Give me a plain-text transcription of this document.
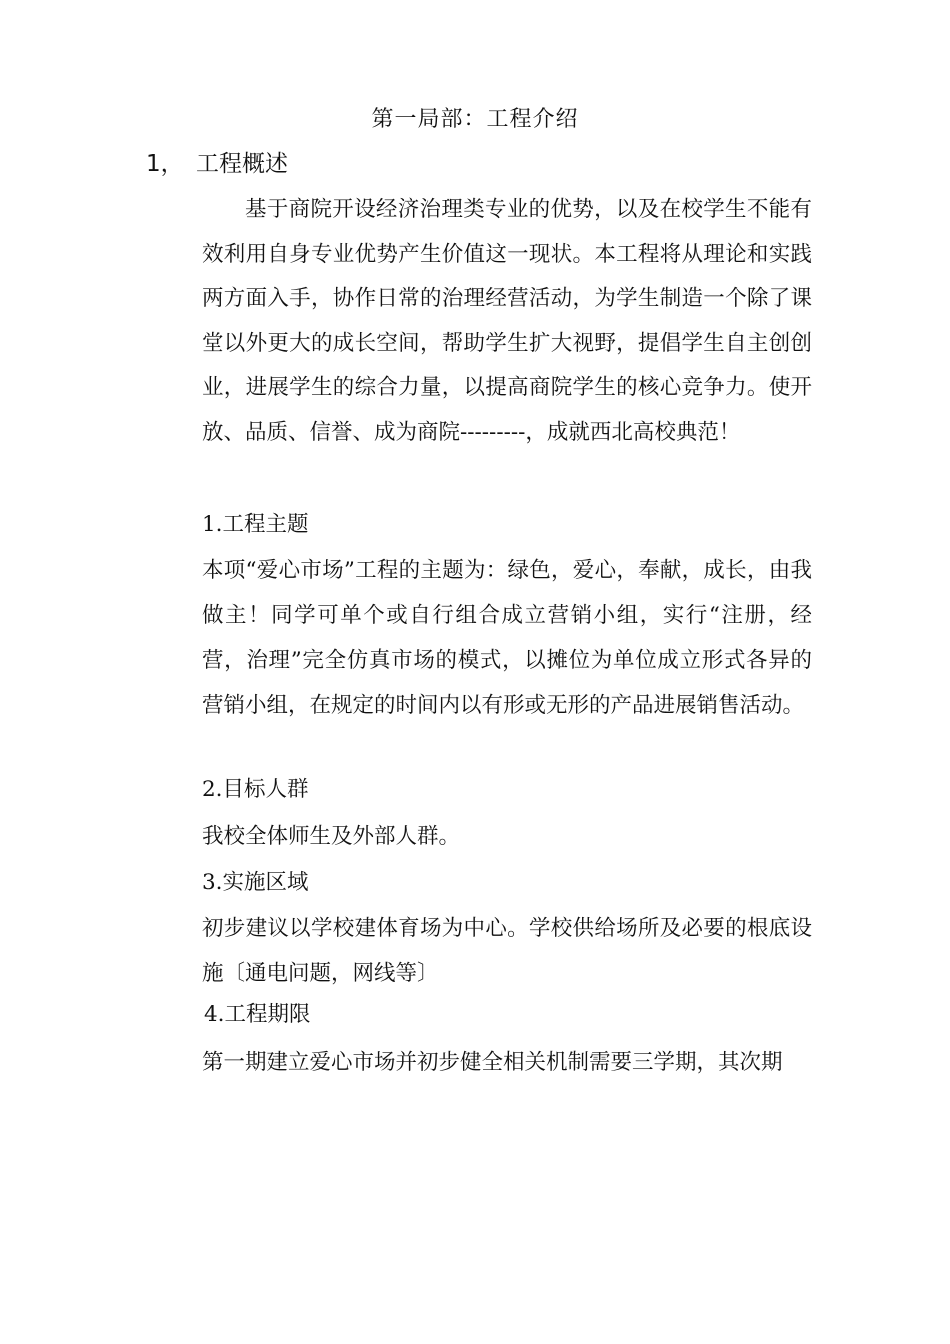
第一局部：工程介绍
1， 工程概述

基于商院开设经济治理类专业的优势，以及在校学生不能有效利用自身专业优势产生价值这一现状。本工程将从理论和实践两方面入手，协作日常的治理经营活动，为学生制造一个除了课堂以外更大的成长空间，帮助学生扩大视野，提倡学生自主创创业，进展学生的综合力量，以提高商院学生的核心竞争力。使开放、品质、信誉、成为商院---------，成就西北高校典范！

1.工程主题

本项“爱心市场”工程的主题为：绿色，爱心，奉献，成长，由我做主！同学可单个或自行组合成立营销小组，实行“注册，经营，治理”完全仿真市场的模式，以摊位为单位成立形式各异的营销小组，在规定的时间内以有形或无形的产品进展销售活动。

2.目标人群

我校全体师生及外部人群。

3.实施区域

初步建议以学校建体育场为中心。学校供给场所及必要的根底设施〔通电问题，网线等〕

4.工程期限

第一期建立爱心市场并初步健全相关机制需要三学期，其次期
